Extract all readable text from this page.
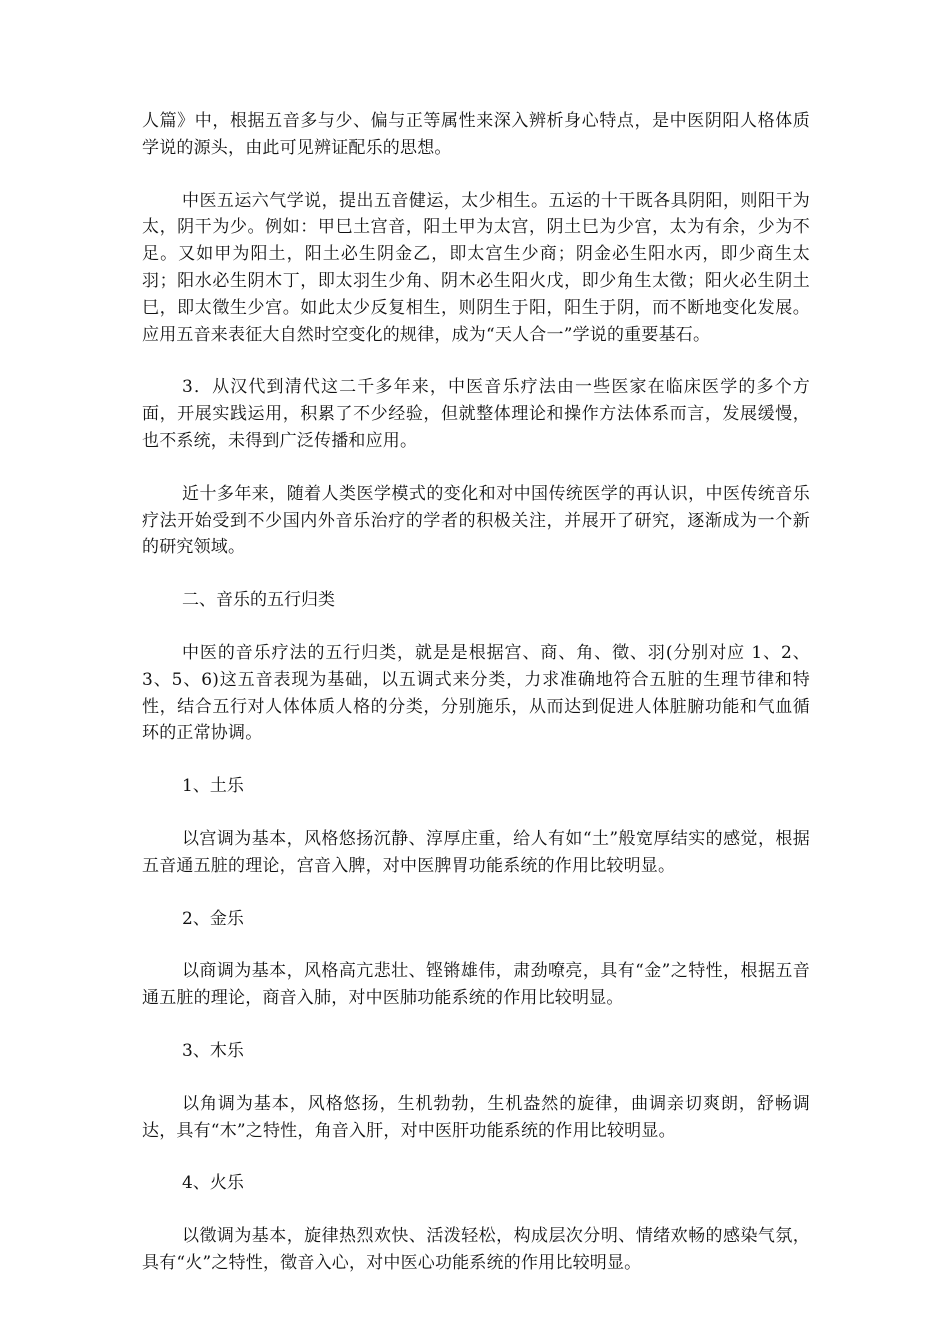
人篇》中，根据五音多与少、偏与正等属性来深入辨析身心特点，是中医阴阳人格体质学说的源头，由此可见辨证配乐的思想。

中医五运六气学说，提出五音健运，太少相生。五运的十干既各具阴阳，则阳干为太，阴干为少。例如：甲巳土宫音，阳土甲为太宫，阴土巳为少宫，太为有余，少为不足。又如甲为阳土，阳土必生阴金乙，即太宫生少商；阴金必生阳水丙，即少商生太羽；阳水必生阴木丁，即太羽生少角、阴木必生阳火戊，即少角生太徵；阳火必生阴土巳，即太徵生少宫。如此太少反复相生，则阴生于阳，阳生于阴，而不断地变化发展。应用五音来表征大自然时空变化的规律，成为“天人合一”学说的重要基石。

3．从汉代到清代这二千多年来，中医音乐疗法由一些医家在临床医学的多个方面，开展实践运用，积累了不少经验，但就整体理论和操作方法体系而言，发展缓慢，也不系统，未得到广泛传播和应用。

近十多年来，随着人类医学模式的变化和对中国传统医学的再认识，中医传统音乐疗法开始受到不少国内外音乐治疗的学者的积极关注，并展开了研究，逐渐成为一个新的研究领域。

二、音乐的五行归类

中医的音乐疗法的五行归类，就是是根据宫、商、角、徵、羽(分别对应 1、2、3、5、6)这五音表现为基础，以五调式来分类，力求准确地符合五脏的生理节律和特性，结合五行对人体体质人格的分类，分别施乐，从而达到促进人体脏腑功能和气血循环的正常协调。

1、土乐

以宫调为基本，风格悠扬沉静、淳厚庄重，给人有如“土”般宽厚结实的感觉，根据五音通五脏的理论，宫音入脾，对中医脾胃功能系统的作用比较明显。

2、金乐

以商调为基本，风格高亢悲壮、铿锵雄伟，肃劲嘹亮，具有“金”之特性，根据五音通五脏的理论，商音入肺，对中医肺功能系统的作用比较明显。

3、木乐

以角调为基本，风格悠扬，生机勃勃，生机盎然的旋律，曲调亲切爽朗，舒畅调达，具有“木”之特性，角音入肝，对中医肝功能系统的作用比较明显。

4、火乐

以徵调为基本，旋律热烈欢快、活泼轻松，构成层次分明、情绪欢畅的感染气氛，具有“火”之特性，徵音入心，对中医心功能系统的作用比较明显。
